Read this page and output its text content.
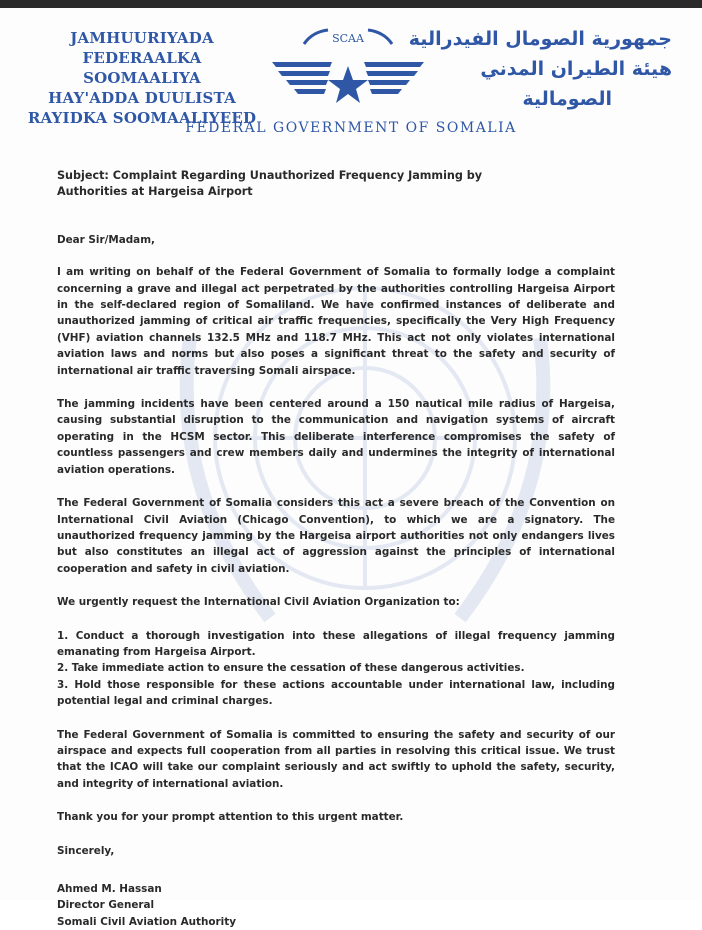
JAMHUURIYADA FEDERAALKA
SOOMAALIYA
HAY'ADDA DUULISTA
RAYIDKA SOOMAALIYEED
SCAA	جمهورية الصومال الفيدرالية
هيئة الطيران المدني
الصومالية
FEDERAL GOVERNMENT OF SOMALIA

Subject: Complaint Regarding Unauthorized Frequency Jamming by

Authorities at Hargeisa Airport

Dear Sir/Madam,

I am writing on behalf of the Federal Government of Somalia to formally lodge a complaint concerning a grave and illegal act perpetrated by the authorities controlling Hargeisa Airport in the self-declared region of Somaliland. We have confirmed instances of deliberate and unauthorized jamming of critical air traffic frequencies, specifically the Very High Frequency (VHF) aviation channels 132.5 MHz and 118.7 MHz. This act not only violates international aviation laws and norms but also poses a significant threat to the safety and security of international air traffic traversing Somali airspace.

The jamming incidents have been centered around a 150 nautical mile radius of Hargeisa, causing substantial disruption to the communication and navigation systems of aircraft operating in the HCSM sector. This deliberate interference compromises the safety of countless passengers and crew members daily and undermines the integrity of international aviation operations.

The Federal Government of Somalia considers this act a severe breach of the Convention on International Civil Aviation (Chicago Convention), to which we are a signatory. The unauthorized frequency jamming by the Hargeisa airport authorities not only endangers lives but also constitutes an illegal act of aggression against the principles of international cooperation and safety in civil aviation.

We urgently request the International Civil Aviation Organization to:

1. Conduct a thorough investigation into these allegations of illegal frequency jamming emanating from Hargeisa Airport.

2. Take immediate action to ensure the cessation of these dangerous activities.

3. Hold those responsible for these actions accountable under international law, including potential legal and criminal charges.

The Federal Government of Somalia is committed to ensuring the safety and security of our airspace and expects full cooperation from all parties in resolving this critical issue. We trust that the ICAO will take our complaint seriously and act swiftly to uphold the safety, security, and integrity of international aviation.

Thank you for your prompt attention to this urgent matter.

Sincerely,

Ahmed M. Hassan

Director General

Somali Civil Aviation Authority
